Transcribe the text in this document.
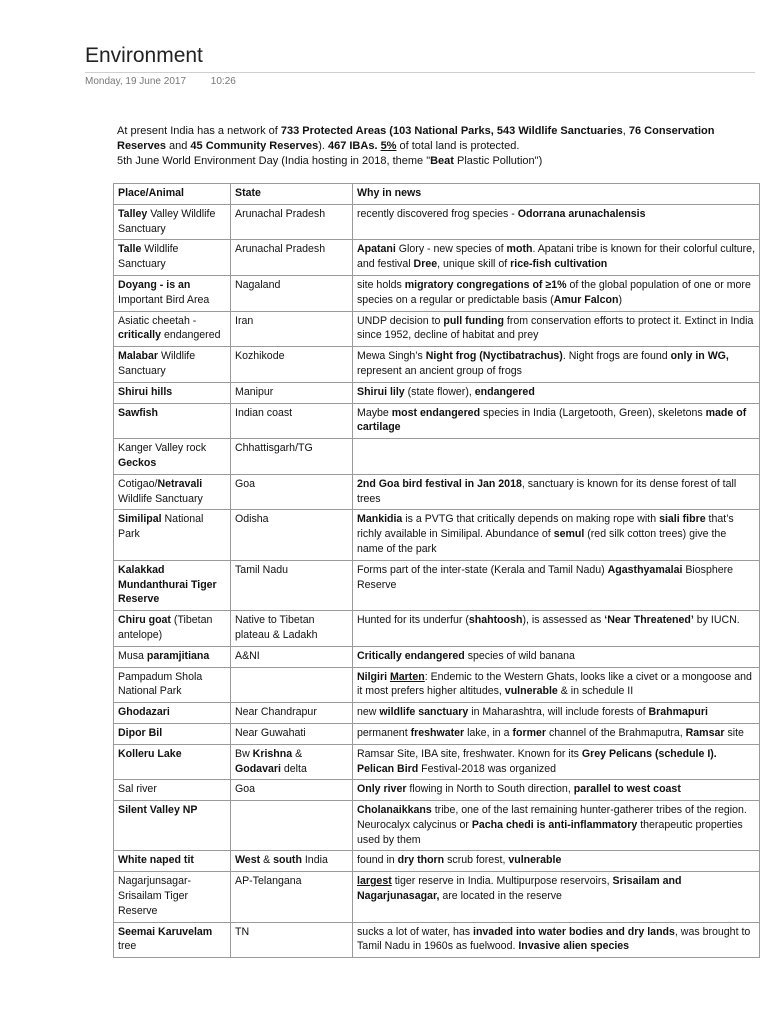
Environment
Monday, 19 June 2017 10:26

At present India has a network of 733 Protected Areas (103 National Parks, 543 Wildlife Sanctuaries, 76 Conservation Reserves and 45 Community Reserves). 467 IBAs. 5% of total land is protected.

5th June World Environment Day (India hosting in 2018, theme "Beat Plastic Pollution")

Place/Animal	State	Why in news
Talley Valley Wildlife Sanctuary	Arunachal Pradesh	recently discovered frog species - Odorrana arunachalensis
Talle Wildlife Sanctuary	Arunachal Pradesh	Apatani Glory - new species of moth. Apatani tribe is known for their colorful culture, and festival Dree, unique skill of rice-fish cultivation
Doyang - is an Important Bird Area	Nagaland	site holds migratory congregations of ≥1% of the global population of one or more species on a regular or predictable basis (Amur Falcon)
Asiatic cheetah - critically endangered	Iran	UNDP decision to pull funding from conservation efforts to protect it. Extinct in India since 1952, decline of habitat and prey
Malabar Wildlife Sanctuary	Kozhikode	Mewa Singh’s Night frog (Nyctibatrachus). Night frogs are found only in WG, represent an ancient group of frogs
Shirui hills	Manipur	Shirui lily (state flower), endangered
Sawfish	Indian coast	Maybe most endangered species in India (Largetooth, Green), skeletons made of cartilage
Kanger Valley rock Geckos	Chhattisgarh/TG	
Cotigao/Netravali Wildlife Sanctuary	Goa	2nd Goa bird festival in Jan 2018, sanctuary is known for its dense forest of tall trees
Similipal National Park	Odisha	Mankidia is a PVTG that critically depends on making rope with siali fibre that’s richly available in Similipal. Abundance of semul (red silk cotton trees) give the name of the park
Kalakkad Mundanthurai Tiger Reserve	Tamil Nadu	Forms part of the inter-state (Kerala and Tamil Nadu) Agasthyamalai Biosphere Reserve
Chiru goat (Tibetan antelope)	Native to Tibetan plateau & Ladakh	Hunted for its underfur (shahtoosh), is assessed as ‘Near Threatened’ by IUCN.
Musa paramjitiana	A&NI	Critically endangered species of wild banana
Pampadum Shola National Park		Nilgiri Marten: Endemic to the Western Ghats, looks like a civet or a mongoose and it most prefers higher altitudes, vulnerable & in schedule II
Ghodazari	Near Chandrapur	new wildlife sanctuary in Maharashtra, will include forests of Brahmapuri
Dipor Bil	Near Guwahati	permanent freshwater lake, in a former channel of the Brahmaputra, Ramsar site
Kolleru Lake	Bw Krishna & Godavari delta	Ramsar Site, IBA site, freshwater. Known for its Grey Pelicans (schedule I). Pelican Bird Festival-2018 was organized
Sal river	Goa	Only river flowing in North to South direction, parallel to west coast
Silent Valley NP		Cholanaikkans tribe, one of the last remaining hunter-gatherer tribes of the region. Neurocalyx calycinus or Pacha chedi is anti-inflammatory therapeutic properties used by them
White naped tit	West & south India	found in dry thorn scrub forest, vulnerable
Nagarjunsagar-Srisailam Tiger Reserve	AP-Telangana	largest tiger reserve in India. Multipurpose reservoirs, Srisailam and Nagarjunasagar, are located in the reserve
Seemai Karuvelam tree	TN	sucks a lot of water, has invaded into water bodies and dry lands, was brought to Tamil Nadu in 1960s as fuelwood. Invasive alien species
